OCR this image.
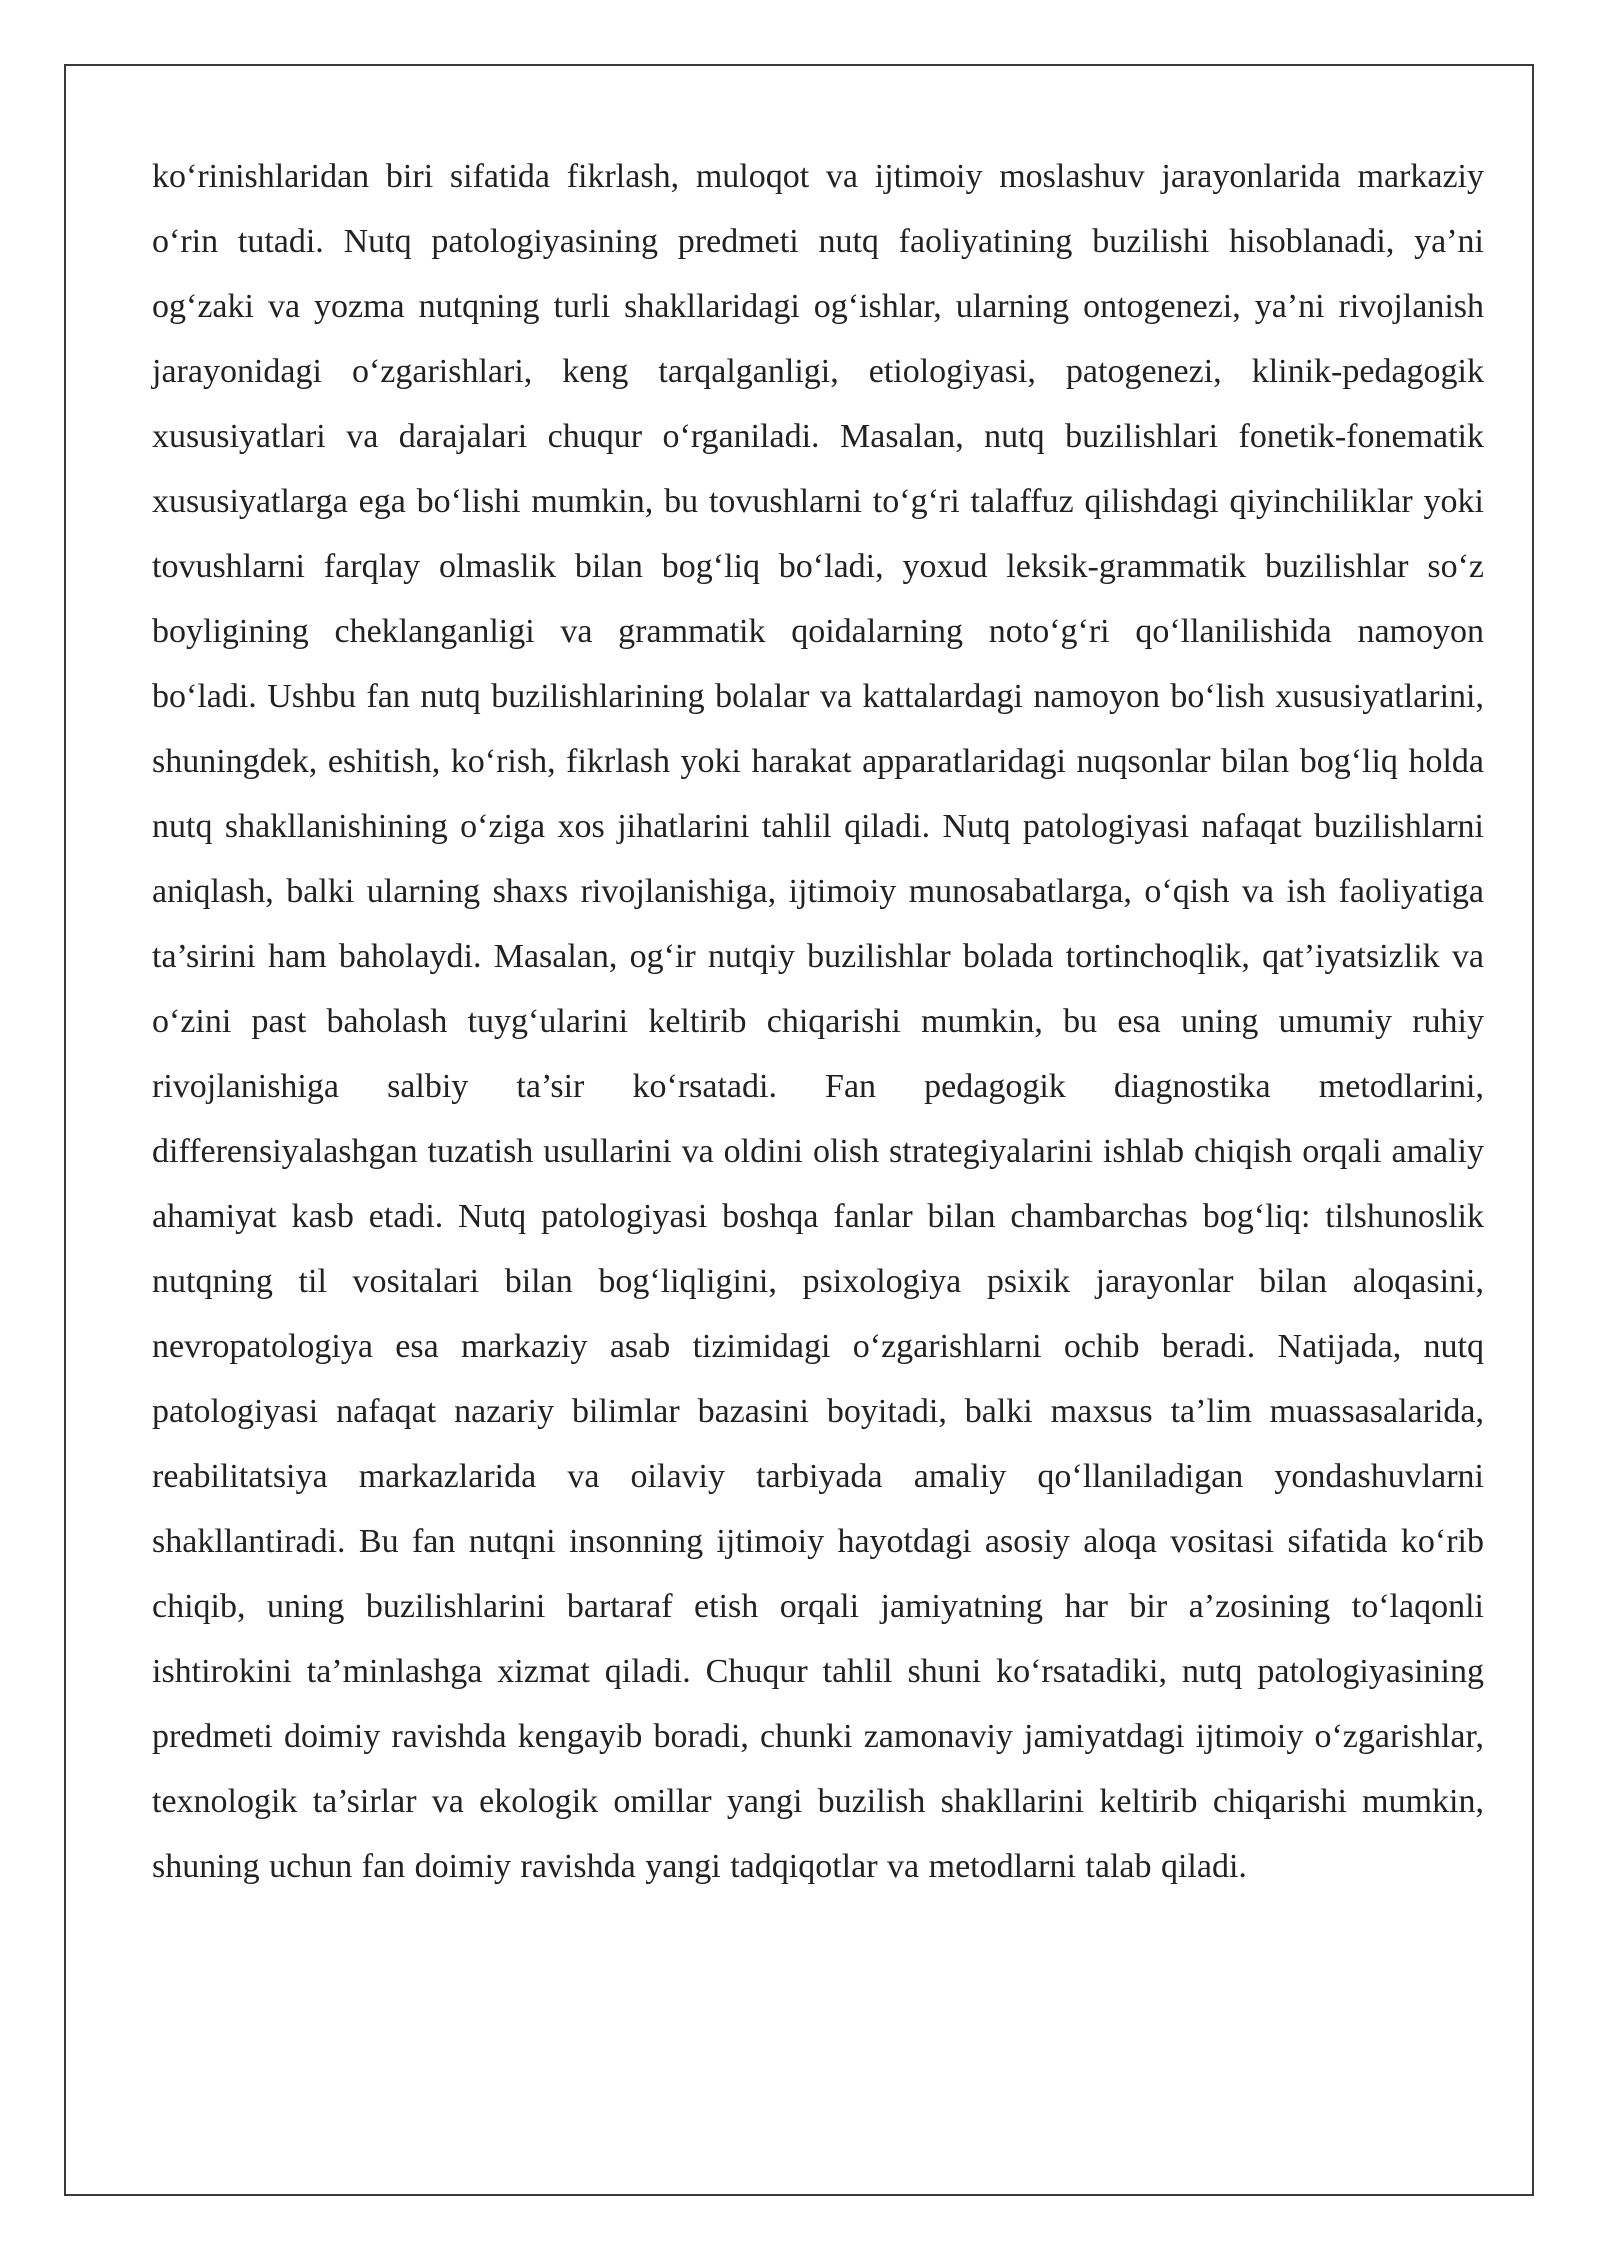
ko‘rinishlaridan biri sifatida fikrlash, muloqot va ijtimoiy moslashuv jarayonlarida markaziy o‘rin tutadi. Nutq patologiyasining predmeti nutq faoliyatining buzilishi hisoblanadi, ya’ni og‘zaki va yozma nutqning turli shakllaridagi og‘ishlar, ularning ontogenezi, ya’ni rivojlanish jarayonidagi o‘zgarishlari, keng tarqalganligi, etiologiyasi, patogenezi, klinik-pedagogik xususiyatlari va darajalari chuqur o‘rganiladi. Masalan, nutq buzilishlari fonetik-fonematik xususiyatlarga ega bo‘lishi mumkin, bu tovushlarni to‘g‘ri talaffuz qilishdagi qiyinchiliklar yoki tovushlarni farqlay olmaslik bilan bog‘liq bo‘ladi, yoxud leksik-grammatik buzilishlar so‘z boyligining cheklanganligi va grammatik qoidalarning noto‘g‘ri qo‘llanilishida namoyon bo‘ladi. Ushbu fan nutq buzilishlarining bolalar va kattalardagi namoyon bo‘lish xususiyatlarini, shuningdek, eshitish, ko‘rish, fikrlash yoki harakat apparatlaridagi nuqsonlar bilan bog‘liq holda nutq shakllanishining o‘ziga xos jihatlarini tahlil qiladi. Nutq patologiyasi nafaqat buzilishlarni aniqlash, balki ularning shaxs rivojlanishiga, ijtimoiy munosabatlarga, o‘qish va ish faoliyatiga ta’sirini ham baholaydi. Masalan, og‘ir nutqiy buzilishlar bolada tortinchoqlik, qat’iyatsizlik va o‘zini past baholash tuyg‘ularini keltirib chiqarishi mumkin, bu esa uning umumiy ruhiy rivojlanishiga salbiy ta’sir ko‘rsatadi. Fan pedagogik diagnostika metodlarini, differensiyalashgan tuzatish usullarini va oldini olish strategiyalarini ishlab chiqish orqali amaliy ahamiyat kasb etadi. Nutq patologiyasi boshqa fanlar bilan chambarchas bog‘liq: tilshunoslik nutqning til vositalari bilan bog‘liqligini, psixologiya psixik jarayonlar bilan aloqasini, nevropatologiya esa markaziy asab tizimidagi o‘zgarishlarni ochib beradi. Natijada, nutq patologiyasi nafaqat nazariy bilimlar bazasini boyitadi, balki maxsus ta’lim muassasalarida, reabilitatsiya markazlarida va oilaviy tarbiyada amaliy qo‘llaniladigan yondashuvlarni shakllantiradi. Bu fan nutqni insonning ijtimoiy hayotdagi asosiy aloqa vositasi sifatida ko‘rib chiqib, uning buzilishlarini bartaraf etish orqali jamiyatning har bir a’zosining to‘laqonli ishtirokini ta’minlashga xizmat qiladi. Chuqur tahlil shuni ko‘rsatadiki, nutq patologiyasining predmeti doimiy ravishda kengayib boradi, chunki zamonaviy jamiyatdagi ijtimoiy o‘zgarishlar, texnologik ta’sirlar va ekologik omillar yangi buzilish shakllarini keltirib chiqarishi mumkin, shuning uchun fan doimiy ravishda yangi tadqiqotlar va metodlarni talab qiladi.
